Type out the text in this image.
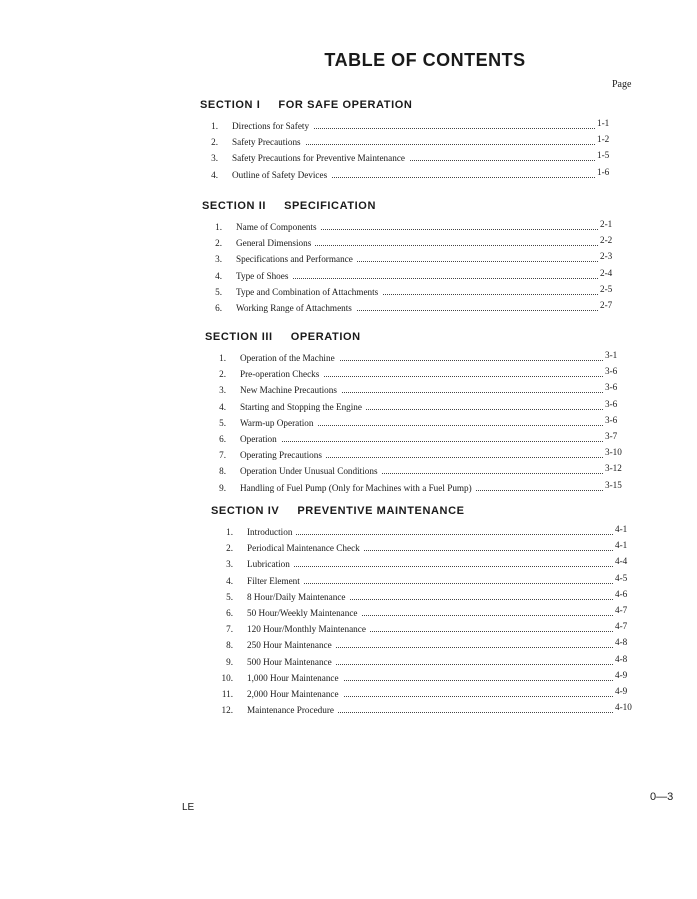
TABLE OF CONTENTS
Page
SECTION I FOR SAFE OPERATION
1. Directions for Safety	1-1
2. Safety Precautions	1-2
3. Safety Precautions for Preventive Maintenance	1-5
4. Outline of Safety Devices	1-6
SECTION II SPECIFICATION
1. Name of Components	2-1
2. General Dimensions	2-2
3. Specifications and Performance	2-3
4. Type of Shoes	2-4
5. Type and Combination of Attachments	2-5
6. Working Range of Attachments	2-7
SECTION III OPERATION
1. Operation of the Machine	3-1
2. Pre-operation Checks	3-6
3. New Machine Precautions	3-6
4. Starting and Stopping the Engine	3-6
5. Warm-up Operation	3-6
6. Operation	3-7
7. Operating Precautions	3-10
8. Operation Under Unusual Conditions	3-12
9. Handling of Fuel Pump (Only for Machines with a Fuel Pump)	3-15
SECTION IV PREVENTIVE MAINTENANCE
1. Introduction	4-1
2. Periodical Maintenance Check	4-1
3. Lubrication	4-4
4. Filter Element	4-5
5. 8 Hour/Daily Maintenance	4-6
6. 50 Hour/Weekly Maintenance	4-7
7. 120 Hour/Monthly Maintenance	4-7
8. 250 Hour Maintenance	4-8
9. 500 Hour Maintenance	4-8
10. 1,000 Hour Maintenance	4-9
11. 2,000 Hour Maintenance	4-9
12. Maintenance Procedure	4-10
LE
0—3
